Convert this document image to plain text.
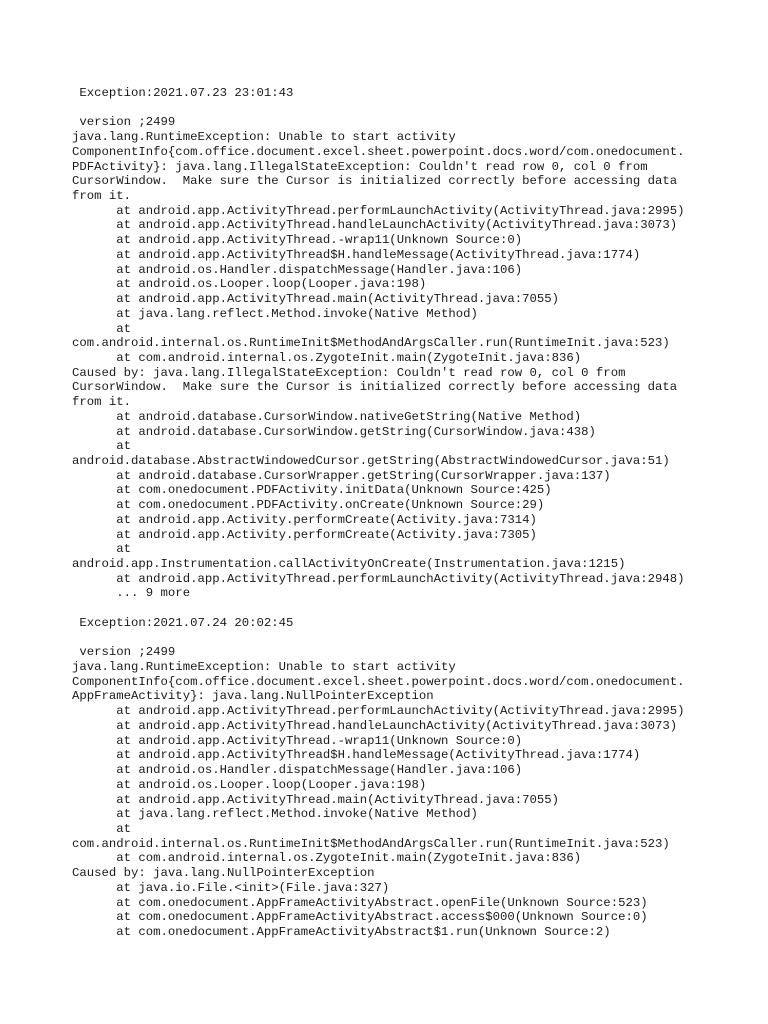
Exception:2021.07.23 23:01:43
version ;2499
java.lang.RuntimeException: Unable to start activity
ComponentInfo{com.office.document.excel.sheet.powerpoint.docs.word/com.onedocument.
PDFActivity}: java.lang.IllegalStateException: Couldn't read row 0, col 0 from
CursorWindow.  Make sure the Cursor is initialized correctly before accessing data
from it.
at android.app.ActivityThread.performLaunchActivity(ActivityThread.java:2995)
at android.app.ActivityThread.handleLaunchActivity(ActivityThread.java:3073)
at android.app.ActivityThread.-wrap11(Unknown Source:0)
at android.app.ActivityThread$H.handleMessage(ActivityThread.java:1774)
at android.os.Handler.dispatchMessage(Handler.java:106)
at android.os.Looper.loop(Looper.java:198)
at android.app.ActivityThread.main(ActivityThread.java:7055)
at java.lang.reflect.Method.invoke(Native Method)
at
com.android.internal.os.RuntimeInit$MethodAndArgsCaller.run(RuntimeInit.java:523)
at com.android.internal.os.ZygoteInit.main(ZygoteInit.java:836)
Caused by: java.lang.IllegalStateException: Couldn't read row 0, col 0 from
CursorWindow.  Make sure the Cursor is initialized correctly before accessing data
from it.
at android.database.CursorWindow.nativeGetString(Native Method)
at android.database.CursorWindow.getString(CursorWindow.java:438)
at
android.database.AbstractWindowedCursor.getString(AbstractWindowedCursor.java:51)
at android.database.CursorWrapper.getString(CursorWrapper.java:137)
at com.onedocument.PDFActivity.initData(Unknown Source:425)
at com.onedocument.PDFActivity.onCreate(Unknown Source:29)
at android.app.Activity.performCreate(Activity.java:7314)
at android.app.Activity.performCreate(Activity.java:7305)
at
android.app.Instrumentation.callActivityOnCreate(Instrumentation.java:1215)
at android.app.ActivityThread.performLaunchActivity(ActivityThread.java:2948)
... 9 more
Exception:2021.07.24 20:02:45
version ;2499
java.lang.RuntimeException: Unable to start activity
ComponentInfo{com.office.document.excel.sheet.powerpoint.docs.word/com.onedocument.
AppFrameActivity}: java.lang.NullPointerException
at android.app.ActivityThread.performLaunchActivity(ActivityThread.java:2995)
at android.app.ActivityThread.handleLaunchActivity(ActivityThread.java:3073)
at android.app.ActivityThread.-wrap11(Unknown Source:0)
at android.app.ActivityThread$H.handleMessage(ActivityThread.java:1774)
at android.os.Handler.dispatchMessage(Handler.java:106)
at android.os.Looper.loop(Looper.java:198)
at android.app.ActivityThread.main(ActivityThread.java:7055)
at java.lang.reflect.Method.invoke(Native Method)
at
com.android.internal.os.RuntimeInit$MethodAndArgsCaller.run(RuntimeInit.java:523)
at com.android.internal.os.ZygoteInit.main(ZygoteInit.java:836)
Caused by: java.lang.NullPointerException
at java.io.File.<init>(File.java:327)
at com.onedocument.AppFrameActivityAbstract.openFile(Unknown Source:523)
at com.onedocument.AppFrameActivityAbstract.access$000(Unknown Source:0)
at com.onedocument.AppFrameActivityAbstract$1.run(Unknown Source:2)
